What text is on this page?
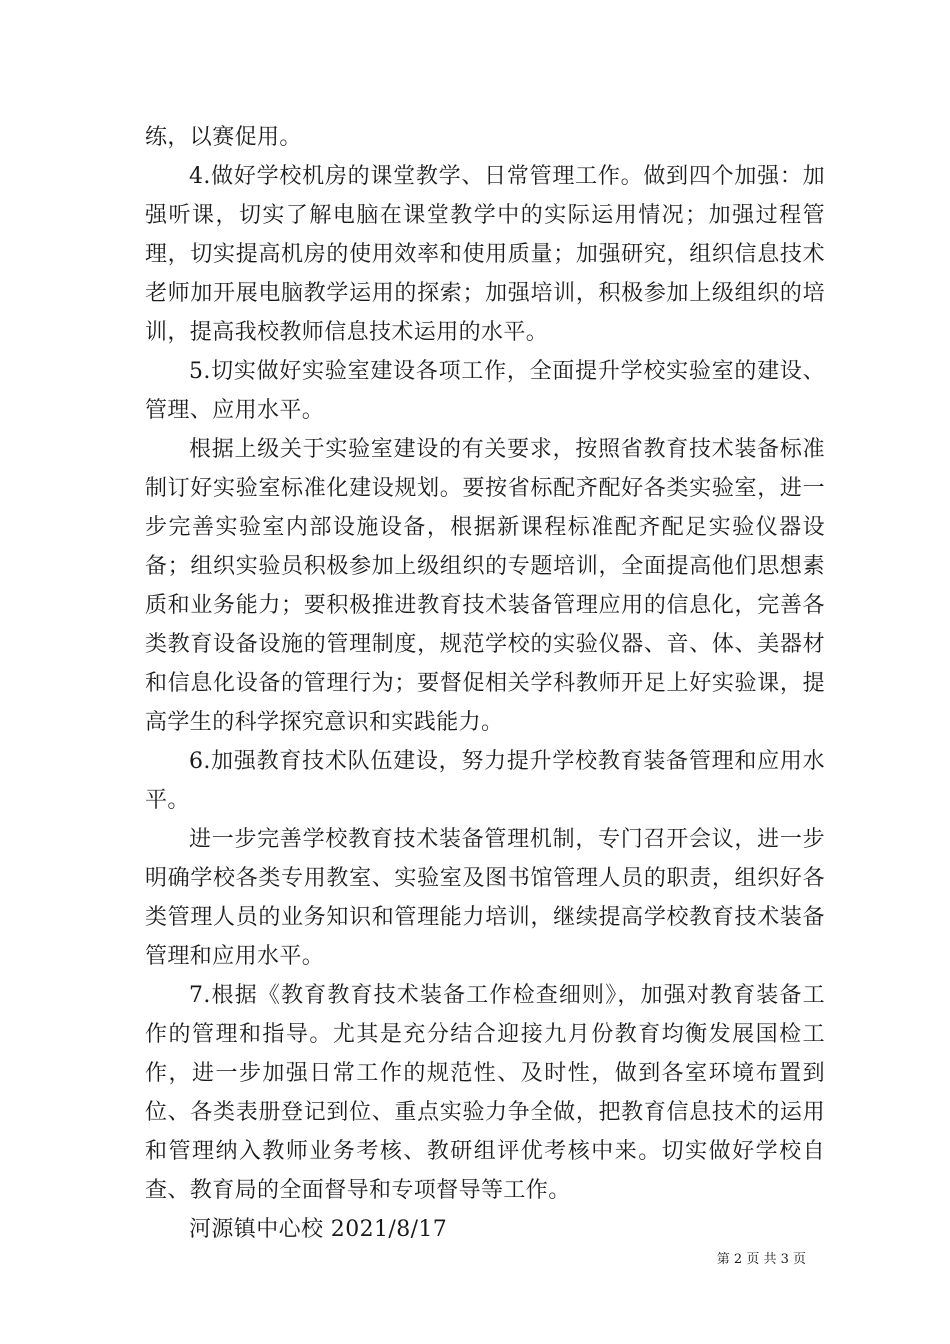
练，以赛促用。

4.做好学校机房的课堂教学、日常管理工作。做到四个加强：加强听课，切实了解电脑在课堂教学中的实际运用情况；加强过程管理，切实提高机房的使用效率和使用质量；加强研究，组织信息技术老师加开展电脑教学运用的探索；加强培训，积极参加上级组织的培训，提高我校教师信息技术运用的水平。

5.切实做好实验室建设各项工作，全面提升学校实验室的建设、管理、应用水平。

根据上级关于实验室建设的有关要求，按照省教育技术装备标准制订好实验室标准化建设规划。要按省标配齐配好各类实验室，进一步完善实验室内部设施设备，根据新课程标准配齐配足实验仪器设备；组织实验员积极参加上级组织的专题培训，全面提高他们思想素质和业务能力；要积极推进教育技术装备管理应用的信息化，完善各类教育设备设施的管理制度，规范学校的实验仪器、音、体、美器材和信息化设备的管理行为；要督促相关学科教师开足上好实验课，提高学生的科学探究意识和实践能力。

6.加强教育技术队伍建设，努力提升学校教育装备管理和应用水平。

进一步完善学校教育技术装备管理机制，专门召开会议，进一步明确学校各类专用教室、实验室及图书馆管理人员的职责，组织好各类管理人员的业务知识和管理能力培训，继续提高学校教育技术装备管理和应用水平。

7.根据《教育教育技术装备工作检查细则》，加强对教育装备工作的管理和指导。尤其是充分结合迎接九月份教育均衡发展国检工作，进一步加强日常工作的规范性、及时性，做到各室环境布置到位、各类表册登记到位、重点实验力争全做，把教育信息技术的运用和管理纳入教师业务考核、教研组评优考核中来。切实做好学校自查、教育局的全面督导和专项督导等工作。

河源镇中心校 2021/8/17

第 2 页 共 3 页
